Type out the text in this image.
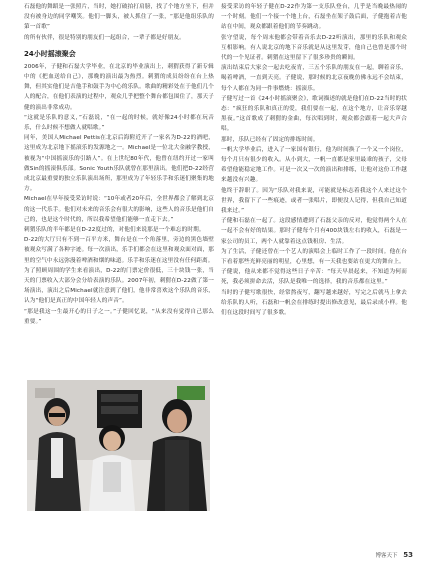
石磊他的舞蹈是一张照片，当时，她打破拍打肩膀，找了个地方坐下，但并没有被身边的同学嘲笑。他们一脚头，被人抓住了一张，“那是他组乐队的第一首歌”

的所有伙伴，很是特别的朋友们一起组合，一辈子都是好朋友。

24小时摇滚聚会

2006年，子健和石磊大学毕业，在北京的毕业演出上，刺猬获得了新专辑中的《把血送给自己》，那晚的演出最为热烈。刺猬的成员纷纷在台上热舞，但其实他们是吉他手和鼓手为中心的乐队。歌曲的精彩处在于他们几个人的配合，在他们表演的过程中，观众几乎把整个舞台都包围住了，那天子健的演出非常成功。

“这就是乐队的意义，”石磊说，“在一起的时候，就好像24小时都在玩音乐，什么时候不想做人就唱歌。”

同年，美国人Michael Pettis在北京后海附近开了一家名为D-22的酒吧，这里成为北京地下摇滚乐的发源地之一。Michael是一位北大金融学教授，被视为“中国摇滚乐的引路人”。在上世纪80年代，他曾在纽约开过一家叫做Sin的摇滚俱乐部。Sonic Youth乐队就曾在那里演出。他们把D-22经营成北京最重要的独立乐队演出场所，那里成为了年轻乐手和乐迷们聚集的地方。

Michael在早年接受采访时说：“10年或者20年后，全世界都会了解到北京的这一代乐手。他们对未来的音乐会有很大的影响，这些人的音乐是他们自己的，也是这个时代的，所以我希望他们能够一直走下去。”

刺猬乐队的半年都是在D-22度过的，对他们来说那是一个难忘的时期。

D-22的大厅只有不到一百平方米，舞台是在一个角落里，旁边的黑色墙壁被观众写满了各种字迹。每一次演出，乐手们都会在这里和观众面对面，那里的空气中永远弥漫着啤酒和烟的味道。乐手和乐迷在这里没有任何距离。

为了照顾周围的学生来看演出，D-22的门票定价很低，三十块钱一张，当天的门票收入大部分会分给表演的乐队。2007年初，刺猬在D-22做了第一场演出，演出之后Michael就注意到了他们，他非常喜欢这个乐队的音乐，认为“他们是真正的中国年轻人的声音”。

“那是我这一生最开心的日子之一。”子健回忆说，“从来没有觉得自己那么重要。”

接受采访的年轻子健在D-22作为第一支乐队登台，几乎是当晚最热闹的一个时刻。他们一个接一个地上台，石磊坐在架子鼓后面，子健抱着吉他站在中间，观众都跟着他们的节奏跳动。

张守望说，每个周末他都会带着音乐去D-22听演出，那里的乐队和观众互相影响。有人说北京的地下音乐就是从这里发芽，他自己也曾是那个时代的一个见证者。刺猬在这里留下了很多珍贵的瞬间。

演出结束后大家会一起去吃夜宵，三五个乐队的朋友在一起，聊着音乐，喝着啤酒，一直到天亮。子健说，那时候的北京夜晚仿佛永远不会结束，每个人都在为同一件事燃烧：摇滚乐。

子健写过一首《24小时摇滚聚会》，歌词描述的就是他们在D-22当时的状态：“疯狂的乐队和真正的爱，我们要在一起，在这个地方，让音乐穿越黑夜。”这首歌成了刺猬的金曲，每次唱到时，观众都会跟着一起大声合唱。

那时，乐队已经有了固定的排练时间。

一帆大学毕业后，进入了一家国有银行，他为时间换了一个又一个岗位，每个月只有很少的收入。从小到大，一帆一直都是家里最乖的孩子，父母希望他能稳定地工作。可是一次又一次的演出和排练，让他对这份工作越来越没有兴趣。

他终于辞职了。因为“乐队对我来说，可能就是标志着我这个人来过这个世界，我留下了一些痕迹，或者一张唱片，即便没人记得，但我自己知道我来过。”

子健和石磊在一起了。这段感情遭到了石磊父亲的反对，他觉得两个人在一起不会有好的结果。那时子健每个月有400块钱左右的收入，石磊是一家公司的员工，两个人就靠着这点钱租房、生活。

为了生活，子健还曾在一个艺人的演唱会上临时工作了一段时间。他在台下看着那些光鲜亮丽的明星，心里想，有一天我也要站在更大的舞台上。

子健说，他从来都不觉得这些日子辛苦：“每天早晨起来，不知道为何而死，我必须拼命去活，乐队是我唯一的选择，我的音乐都在这里。”

当时的子健写歌很快，经常熬夜写，翻写越来越好，写完之后就马上拿去给乐队的人听，石磊和一帆会在排练时提出修改意见，最后录成小样。他们在这段时间写了很多歌。

博客天下 53
